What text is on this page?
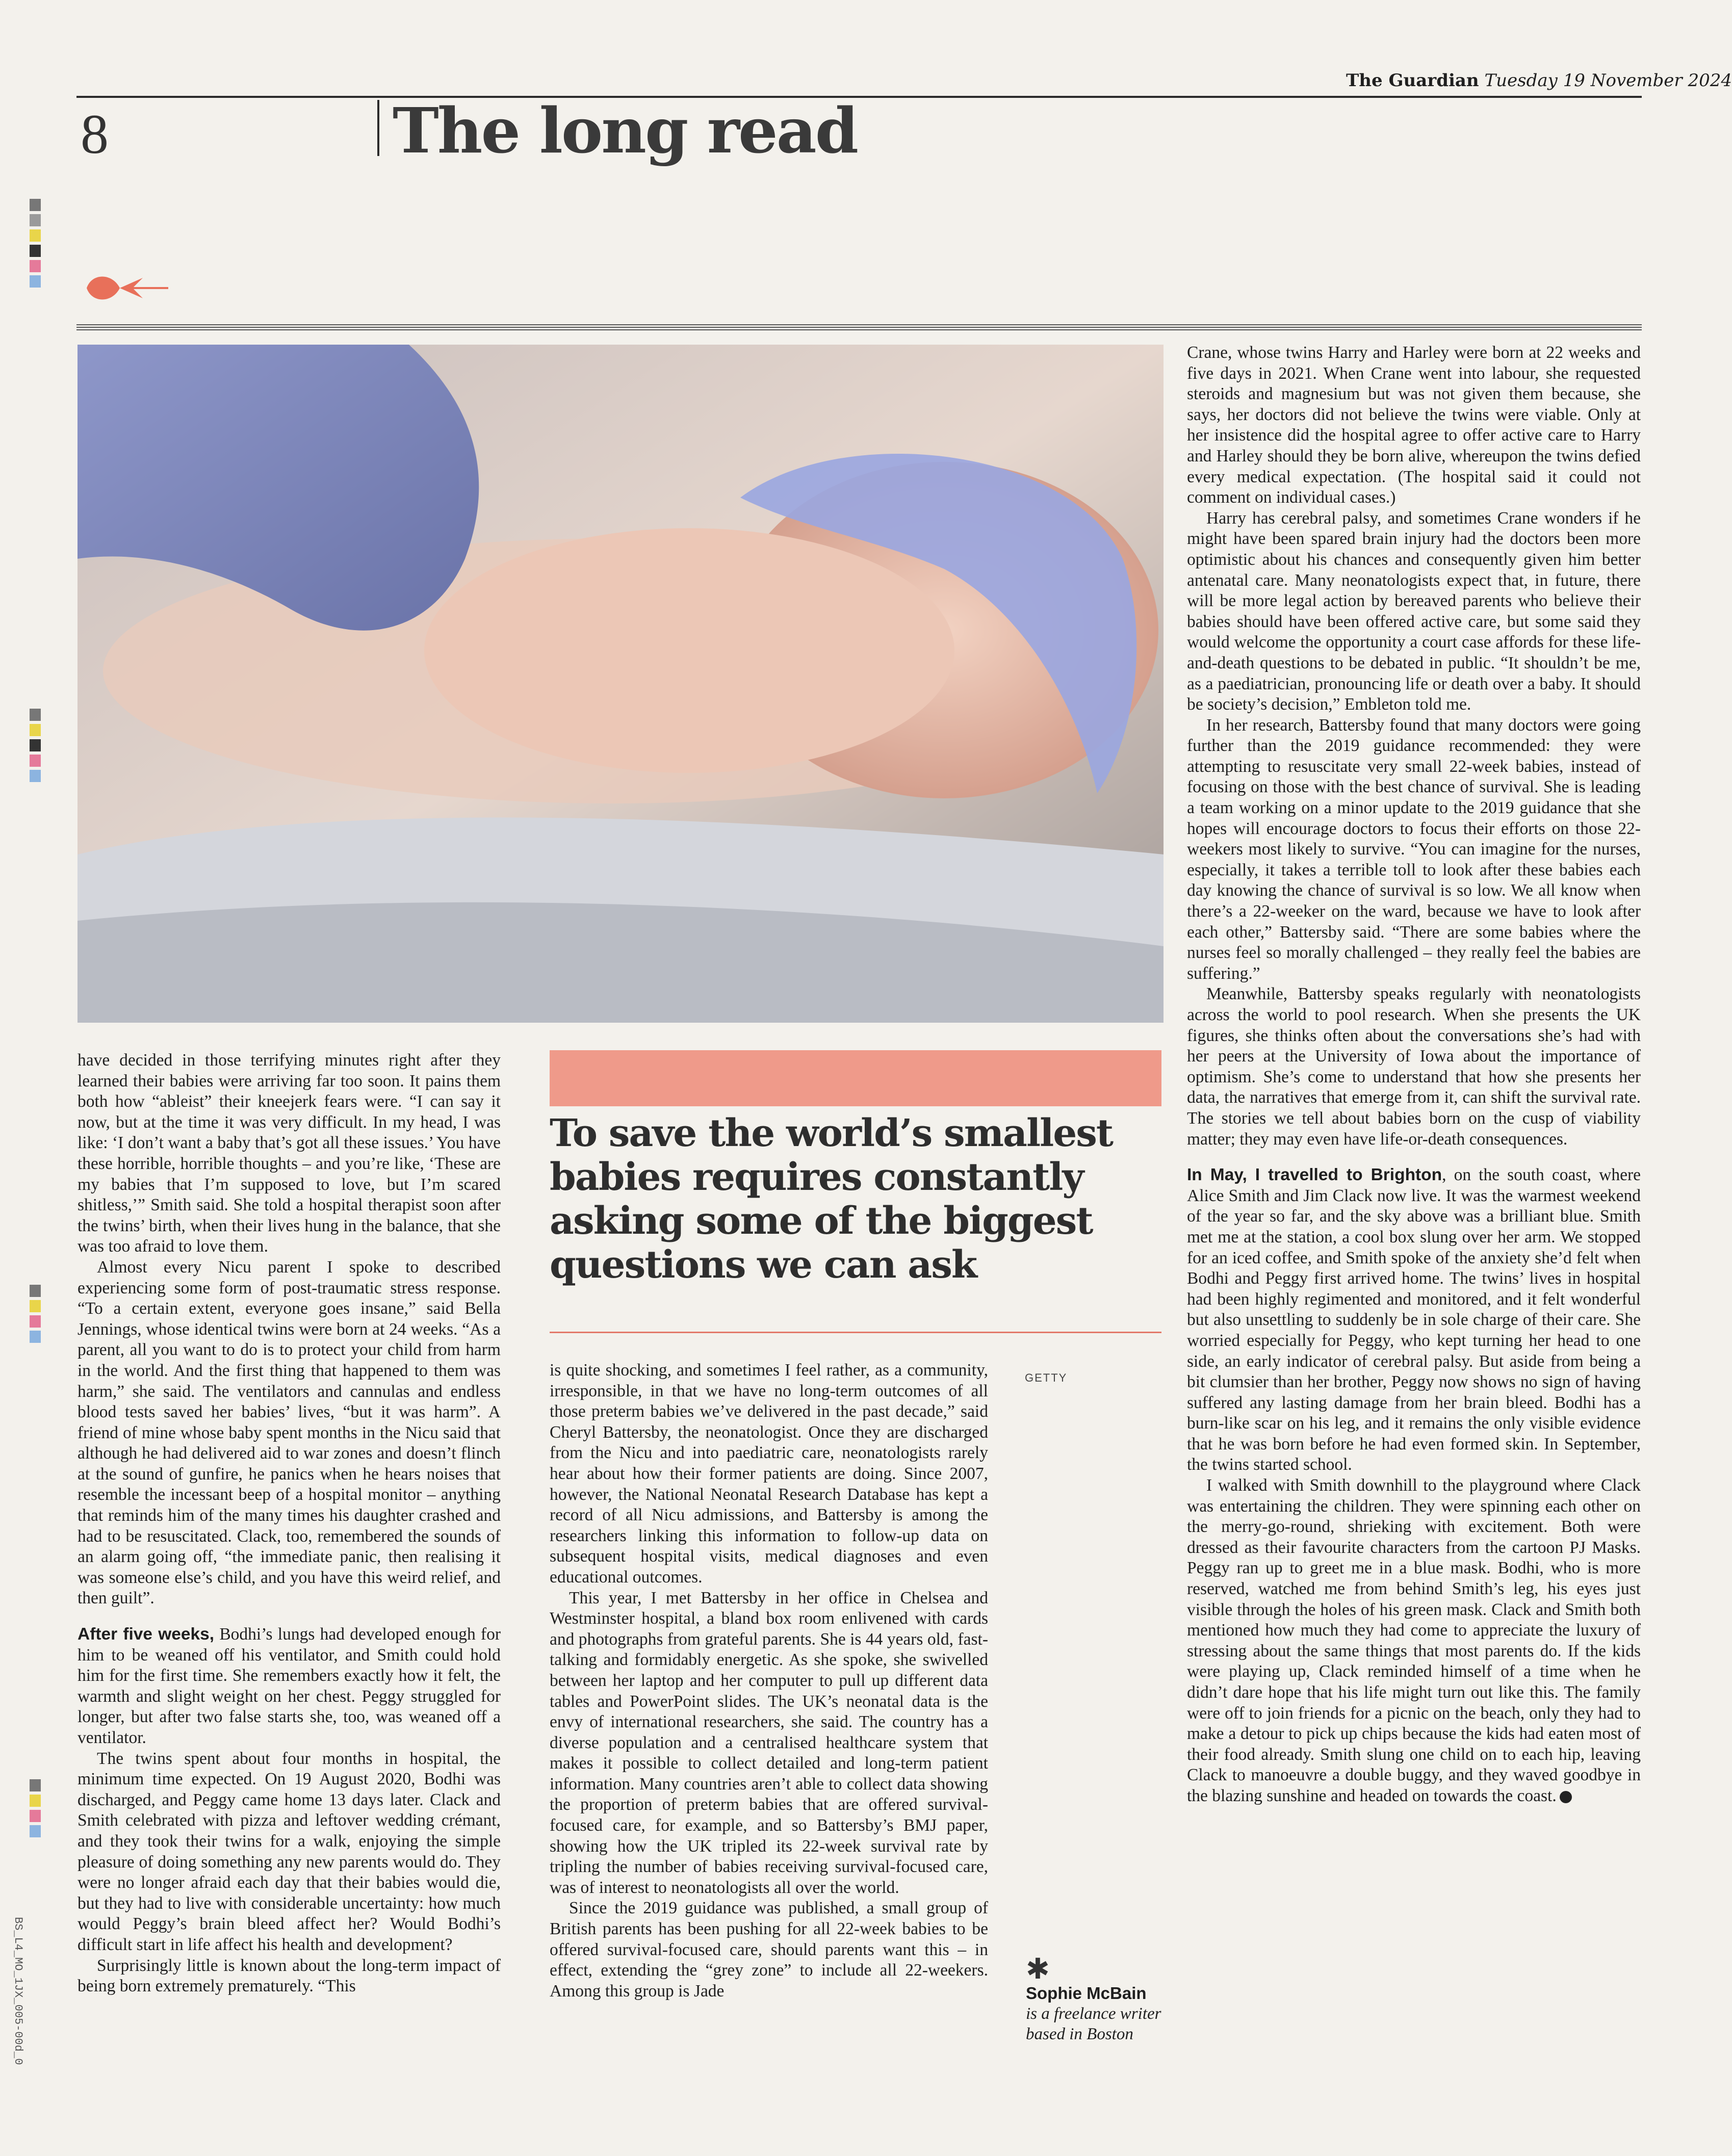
The Guardian Tuesday 19 November 2024
8	The long read

have decided in those terrifying minutes right after they learned their babies were arriving far too soon. It pains them both how “ableist” their kneejerk fears were. “I can say it now, but at the time it was very difficult. In my head, I was like: ‘I don’t want a baby that’s got all these issues.’ You have these horrible, horrible thoughts – and you’re like, ‘These are my babies that I’m supposed to love, but I’m scared shitless,’” Smith said. She told a hospital therapist soon after the twins’ birth, when their lives hung in the balance, that she was too afraid to love them.

Almost every Nicu parent I spoke to described experiencing some form of post-traumatic stress response. “To a certain extent, everyone goes insane,” said Bella Jennings, whose identical twins were born at 24 weeks. “As a parent, all you want to do is to protect your child from harm in the world. And the first thing that happened to them was harm,” she said. The ventilators and cannulas and endless blood tests saved her babies’ lives, “but it was harm”. A friend of mine whose baby spent months in the Nicu said that although he had delivered aid to war zones and doesn’t flinch at the sound of gunfire, he panics when he hears noises that resemble the incessant beep of a hospital monitor – anything that reminds him of the many times his daughter crashed and had to be resuscitated. Clack, too, remembered the sounds of an alarm going off, “the immediate panic, then realising it was someone else’s child, and you have this weird relief, and then guilt”.

After five weeks, Bodhi’s lungs had developed enough for him to be weaned off his ventilator, and Smith could hold him for the first time. She remembers exactly how it felt, the warmth and slight weight on her chest. Peggy struggled for longer, but after two false starts she, too, was weaned off a ventilator.

The twins spent about four months in hospital, the minimum time expected. On 19 August 2020, Bodhi was discharged, and Peggy came home 13 days later. Clack and Smith celebrated with pizza and leftover wedding crémant, and they took their twins for a walk, enjoying the simple pleasure of doing something any new parents would do. They were no longer afraid each day that their babies would die, but they had to live with considerable uncertainty: how much would Peggy’s brain bleed affect her? Would Bodhi’s difficult start in life affect his health and development?

Surprisingly little is known about the long-term impact of being born extremely prematurely. “This

To save the world’s smallest babies requires constantly asking some of the biggest questions we can ask

is quite shocking, and sometimes I feel rather, as a community, irresponsible, in that we have no long-term outcomes of all those preterm babies we’ve delivered in the past decade,” said Cheryl Battersby, the neonatologist. Once they are discharged from the Nicu and into paediatric care, neonatologists rarely hear about how their former patients are doing. Since 2007, however, the National Neonatal Research Database has kept a record of all Nicu admissions, and Battersby is among the researchers linking this information to follow-up data on subsequent hospital visits, medical diagnoses and even educational outcomes.

This year, I met Battersby in her office in Chelsea and Westminster hospital, a bland box room enlivened with cards and photographs from grateful parents. She is 44 years old, fast-talking and formidably energetic. As she spoke, she swivelled between her laptop and her computer to pull up different data tables and PowerPoint slides. The UK’s neonatal data is the envy of international researchers, she said. The country has a diverse population and a centralised healthcare system that makes it possible to collect detailed and long-term patient information. Many countries aren’t able to collect data showing the proportion of preterm babies that are offered survival-focused care, for example, and so Battersby’s BMJ paper, showing how the UK tripled its 22-week survival rate by tripling the number of babies receiving survival-focused care, was of interest to neonatologists all over the world.

Since the 2019 guidance was published, a small group of British parents has been pushing for all 22-week babies to be offered survival-focused care, should parents want this – in effect, extending the “grey zone” to include all 22-weekers. Among this group is Jade

GETTY
✱
Sophie McBain
is a freelance writer based in Boston

Crane, whose twins Harry and Harley were born at 22 weeks and five days in 2021. When Crane went into labour, she requested steroids and magnesium but was not given them because, she says, her doctors did not believe the twins were viable. Only at her insistence did the hospital agree to offer active care to Harry and Harley should they be born alive, whereupon the twins defied every medical expectation. (The hospital said it could not comment on individual cases.)

Harry has cerebral palsy, and sometimes Crane wonders if he might have been spared brain injury had the doctors been more optimistic about his chances and consequently given him better antenatal care. Many neonatologists expect that, in future, there will be more legal action by bereaved parents who believe their babies should have been offered active care, but some said they would welcome the opportunity a court case affords for these life-and-death questions to be debated in public. “It shouldn’t be me, as a paediatrician, pronouncing life or death over a baby. It should be society’s decision,” Embleton told me.

In her research, Battersby found that many doctors were going further than the 2019 guidance recommended: they were attempting to resuscitate very small 22-week babies, instead of focusing on those with the best chance of survival. She is leading a team working on a minor update to the 2019 guidance that she hopes will encourage doctors to focus their efforts on those 22-weekers most likely to survive. “You can imagine for the nurses, especially, it takes a terrible toll to look after these babies each day knowing the chance of survival is so low. We all know when there’s a 22-weeker on the ward, because we have to look after each other,” Battersby said. “There are some babies where the nurses feel so morally challenged – they really feel the babies are suffering.”

Meanwhile, Battersby speaks regularly with neonatologists across the world to pool research. When she presents the UK figures, she thinks often about the conversations she’s had with her peers at the University of Iowa about the importance of optimism. She’s come to understand that how she presents her data, the narratives that emerge from it, can shift the survival rate. The stories we tell about babies born on the cusp of viability matter; they may even have life-or-death consequences.

In May, I travelled to Brighton, on the south coast, where Alice Smith and Jim Clack now live. It was the warmest weekend of the year so far, and the sky above was a brilliant blue. Smith met me at the station, a cool box slung over her arm. We stopped for an iced coffee, and Smith spoke of the anxiety she’d felt when Bodhi and Peggy first arrived home. The twins’ lives in hospital had been highly regimented and monitored, and it felt wonderful but also unsettling to suddenly be in sole charge of their care. She worried especially for Peggy, who kept turning her head to one side, an early indicator of cerebral palsy. But aside from being a bit clumsier than her brother, Peggy now shows no sign of having suffered any lasting damage from her brain bleed. Bodhi has a burn-like scar on his leg, and it remains the only visible evidence that he was born before he had even formed skin. In September, the twins started school.

I walked with Smith downhill to the playground where Clack was entertaining the children. They were spinning each other on the merry-go-round, shrieking with excitement. Both were dressed as their favourite characters from the cartoon PJ Masks. Peggy ran up to greet me in a blue mask. Bodhi, who is more reserved, watched me from behind Smith’s leg, his eyes just visible through the holes of his green mask. Clack and Smith both mentioned how much they had come to appreciate the luxury of stressing about the same things that most parents do. If the kids were playing up, Clack reminded himself of a time when he didn’t dare hope that his life might turn out like this. The family were off to join friends for a picnic on the beach, only they had to make a detour to pick up chips because the kids had eaten most of their food already. Smith slung one child on to each hip, leaving Clack to manoeuvre a double buggy, and they waved goodbye in the blazing sunshine and headed on towards the coast.

BS_L4_MO_1JX_005-00d_0
